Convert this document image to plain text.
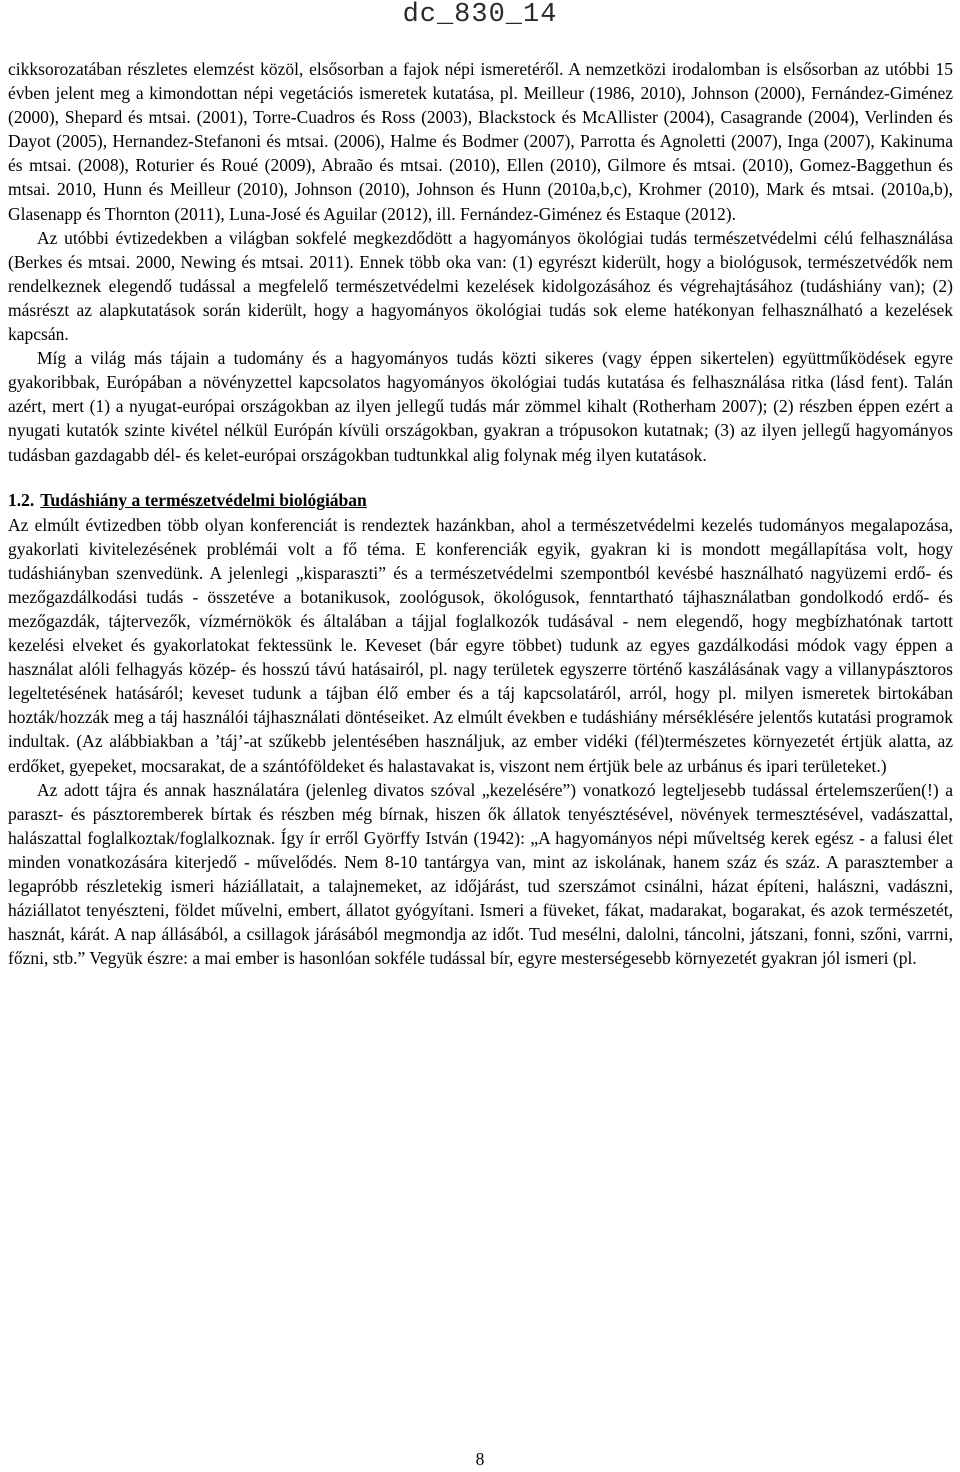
dc_830_14

cikksorozatában részletes elemzést közöl, elsősorban a fajok népi ismeretéről. A nemzetközi irodalomban is elsősorban az utóbbi 15 évben jelent meg a kimondottan népi vegetációs ismeretek kutatása, pl. Meilleur (1986, 2010), Johnson (2000), Fernández-Giménez (2000), Shepard és mtsai. (2001), Torre-Cuadros és Ross (2003), Blackstock és McAllister (2004), Casagrande (2004), Verlinden és Dayot (2005), Hernandez-Stefanoni és mtsai. (2006), Halme és Bodmer (2007), Parrotta és Agnoletti (2007), Inga (2007), Kakinuma és mtsai. (2008), Roturier és Roué (2009), Abraão és mtsai. (2010), Ellen (2010), Gilmore és mtsai. (2010), Gomez-Baggethun és mtsai. 2010, Hunn és Meilleur (2010), Johnson (2010), Johnson és Hunn (2010a,b,c), Krohmer (2010), Mark és mtsai. (2010a,b), Glasenapp és Thornton (2011), Luna-José és Aguilar (2012), ill. Fernández-Giménez és Estaque (2012).

Az utóbbi évtizedekben a világban sokfelé megkezdődött a hagyományos ökológiai tudás természetvédelmi célú felhasználása (Berkes és mtsai. 2000, Newing és mtsai. 2011). Ennek több oka van: (1) egyrészt kiderült, hogy a biológusok, természetvédők nem rendelkeznek elegendő tudással a megfelelő természetvédelmi kezelések kidolgozásához és végrehajtásához (tudáshiány van); (2) másrészt az alapkutatások során kiderült, hogy a hagyományos ökológiai tudás sok eleme hatékonyan felhasználható a kezelések kapcsán.

Míg a világ más tájain a tudomány és a hagyományos tudás közti sikeres (vagy éppen sikertelen) együttműködések egyre gyakoribbak, Európában a növényzettel kapcsolatos hagyományos ökológiai tudás kutatása és felhasználása ritka (lásd fent). Talán azért, mert (1) a nyugat-európai országokban az ilyen jellegű tudás már zömmel kihalt (Rotherham 2007); (2) részben éppen ezért a nyugati kutatók szinte kivétel nélkül Európán kívüli országokban, gyakran a trópusokon kutatnak; (3) az ilyen jellegű hagyományos tudásban gazdagabb dél- és kelet-európai országokban tudtunkkal alig folynak még ilyen kutatások.

1.2. Tudáshiány a természetvédelmi biológiában

Az elmúlt évtizedben több olyan konferenciát is rendeztek hazánkban, ahol a természetvédelmi kezelés tudományos megalapozása, gyakorlati kivitelezésének problémái volt a fő téma. E konferenciák egyik, gyakran ki is mondott megállapítása volt, hogy tudáshiányban szenvedünk. A jelenlegi „kisparaszti” és a természetvédelmi szempontból kevésbé használható nagyüzemi erdő- és mezőgazdálkodási tudás - összetéve a botanikusok, zoológusok, ökológusok, fenntartható tájhasználatban gondolkodó erdő- és mezőgazdák, tájtervezők, vízmérnökök és általában a tájjal foglalkozók tudásával - nem elegendő, hogy megbízhatónak tartott kezelési elveket és gyakorlatokat fektessünk le. Keveset (bár egyre többet) tudunk az egyes gazdálkodási módok vagy éppen a használat alóli felhagyás közép- és hosszú távú hatásairól, pl. nagy területek egyszerre történő kaszálásának vagy a villanypásztoros legeltetésének hatásáról; keveset tudunk a tájban élő ember és a táj kapcsolatáról, arról, hogy pl. milyen ismeretek birtokában hozták/hozzák meg a táj használói tájhasználati döntéseiket. Az elmúlt években e tudáshiány mérséklésére jelentős kutatási programok indultak. (Az alábbiakban a ’táj’-at szűkebb jelentésében használjuk, az ember vidéki (fél)természetes környezetét értjük alatta, az erdőket, gyepeket, mocsarakat, de a szántóföldeket és halastavakat is, viszont nem értjük bele az urbánus és ipari területeket.)

Az adott tájra és annak használatára (jelenleg divatos szóval „kezelésére”) vonatkozó legteljesebb tudással értelemszerűen(!) a paraszt- és pásztoremberek bírtak és részben még bírnak, hiszen ők állatok tenyésztésével, növények termesztésével, vadászattal, halászattal foglalkoztak/foglalkoznak. Így ír erről Györffy István (1942): „A hagyományos népi műveltség kerek egész - a falusi élet minden vonatkozására kiterjedő - művelődés. Nem 8-10 tantárgya van, mint az iskolának, hanem száz és száz. A parasztember a legapróbb részletekig ismeri háziállatait, a talajnemeket, az időjárást, tud szerszámot csinálni, házat építeni, halászni, vadászni, háziállatot tenyészteni, földet művelni, embert, állatot gyógyítani. Ismeri a füveket, fákat, madarakat, bogarakat, és azok természetét, hasznát, kárát. A nap állásából, a csillagok járásából megmondja az időt. Tud mesélni, dalolni, táncolni, játszani, fonni, szőni, varrni, főzni, stb.” Vegyük észre: a mai ember is hasonlóan sokféle tudással bír, egyre mesterségesebb környezetét gyakran jól ismeri (pl.

8
